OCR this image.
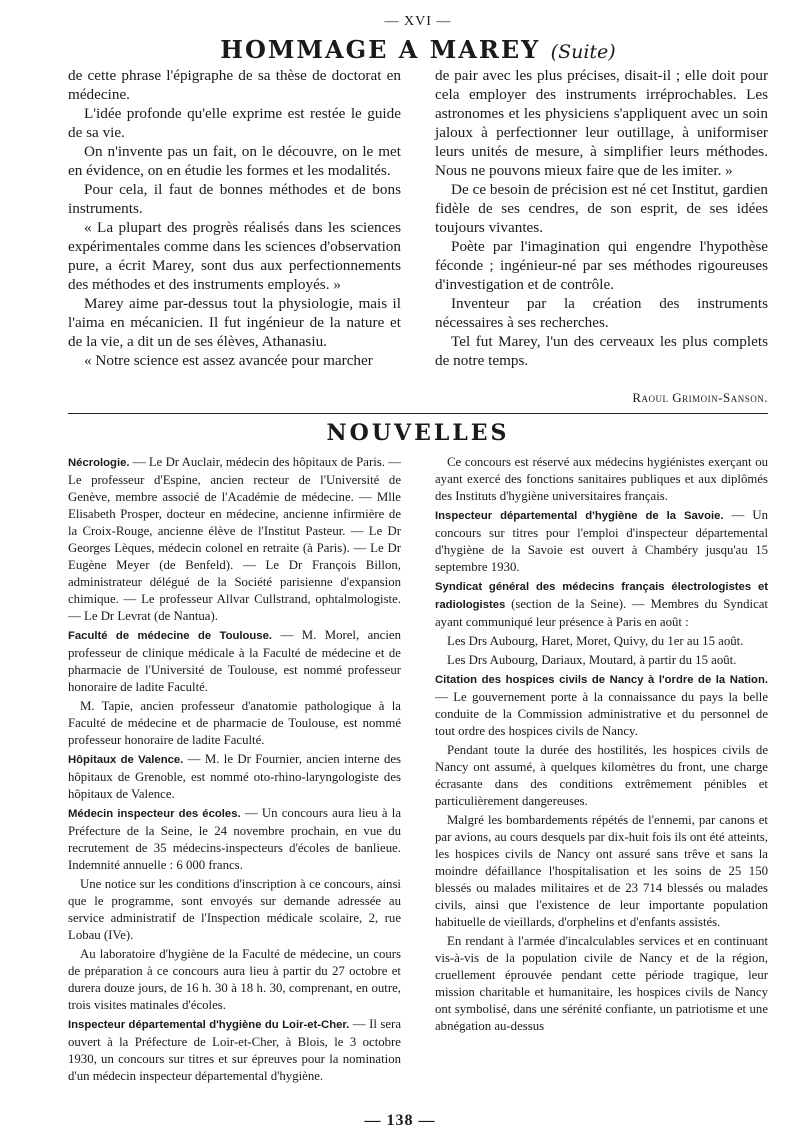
— XVI —
HOMMAGE A MAREY (Suite)

de cette phrase l'épigraphe de sa thèse de doctorat en médecine.

L'idée profonde qu'elle exprime est restée le guide de sa vie.

On n'invente pas un fait, on le découvre, on le met en évidence, on en étudie les formes et les modalités.

Pour cela, il faut de bonnes méthodes et de bons instruments.

« La plupart des progrès réalisés dans les sciences expérimentales comme dans les sciences d'observation pure, a écrit Marey, sont dus aux perfectionnements des méthodes et des instruments employés. »

Marey aime par-dessus tout la physiologie, mais il l'aima en mécanicien. Il fut ingénieur de la nature et de la vie, a dit un de ses élèves, Athanasiu.

« Notre science est assez avancée pour marcher

de pair avec les plus précises, disait-il ; elle doit pour cela employer des instruments irréprochables. Les astronomes et les physiciens s'appliquent avec un soin jaloux à perfectionner leur outillage, à uniformiser leurs unités de mesure, à simplifier leurs méthodes. Nous ne pouvons mieux faire que de les imiter. »

De ce besoin de précision est né cet Institut, gardien fidèle de ses cendres, de son esprit, de ses idées toujours vivantes.

Poète par l'imagination qui engendre l'hypothèse féconde ; ingénieur-né par ses méthodes rigoureuses d'investigation et de contrôle.

Inventeur par la création des instruments nécessaires à ses recherches.

Tel fut Marey, l'un des cerveaux les plus complets de notre temps.

Raoul Grimoin-Sanson.
NOUVELLES

Nécrologie. — Le Dr Auclair, médecin des hôpitaux de Paris. — Le professeur d'Espine, ancien recteur de l'Université de Genève, membre associé de l'Académie de médecine. — Mlle Elisabeth Prosper, docteur en médecine, ancienne infirmière de la Croix-Rouge, ancienne élève de l'Institut Pasteur. — Le Dr Georges Lèques, médecin colonel en retraite (à Paris). — Le Dr Eugène Meyer (de Benfeld). — Le Dr François Billon, administrateur délégué de la Société parisienne d'expansion chimique. — Le professeur Allvar Cullstrand, ophtalmologiste. — Le Dr Levrat (de Nantua).

Faculté de médecine de Toulouse. — M. Morel, ancien professeur de clinique médicale à la Faculté de médecine et de pharmacie de l'Université de Toulouse, est nommé professeur honoraire de ladite Faculté.

M. Tapie, ancien professeur d'anatomie pathologique à la Faculté de médecine et de pharmacie de Toulouse, est nommé professeur honoraire de ladite Faculté.

Hôpitaux de Valence. — M. le Dr Fournier, ancien interne des hôpitaux de Grenoble, est nommé oto-rhino-laryngologiste des hôpitaux de Valence.

Médecin inspecteur des écoles. — Un concours aura lieu à la Préfecture de la Seine, le 24 novembre prochain, en vue du recrutement de 35 médecins-inspecteurs d'écoles de banlieue. Indemnité annuelle : 6 000 francs.

Une notice sur les conditions d'inscription à ce concours, ainsi que le programme, sont envoyés sur demande adressée au service administratif de l'Inspection médicale scolaire, 2, rue Lobau (IVe).

Au laboratoire d'hygiène de la Faculté de médecine, un cours de préparation à ce concours aura lieu à partir du 27 octobre et durera douze jours, de 16 h. 30 à 18 h. 30, comprenant, en outre, trois visites matinales d'écoles.

Inspecteur départemental d'hygiène du Loir-et-Cher. — Il sera ouvert à la Préfecture de Loir-et-Cher, à Blois, le 3 octobre 1930, un concours sur titres et sur épreuves pour la nomination d'un médecin inspecteur départemental d'hygiène.

Ce concours est réservé aux médecins hygiénistes exerçant ou ayant exercé des fonctions sanitaires publiques et aux diplômés des Instituts d'hygiène universitaires français.

Inspecteur départemental d'hygiène de la Savoie. — Un concours sur titres pour l'emploi d'inspecteur départemental d'hygiène de la Savoie est ouvert à Chambéry jusqu'au 15 septembre 1930.

Syndicat général des médecins français électrologistes et radiologistes (section de la Seine). — Membres du Syndicat ayant communiqué leur présence à Paris en août :

Les Drs Aubourg, Haret, Moret, Quivy, du 1er au 15 août.

Les Drs Aubourg, Dariaux, Moutard, à partir du 15 août.

Citation des hospices civils de Nancy à l'ordre de la Nation. — Le gouvernement porte à la connaissance du pays la belle conduite de la Commission administrative et du personnel de tout ordre des hospices civils de Nancy.

Pendant toute la durée des hostilités, les hospices civils de Nancy ont assumé, à quelques kilomètres du front, une charge écrasante dans des conditions extrêmement pénibles et particulièrement dangereuses.

Malgré les bombardements répétés de l'ennemi, par canons et par avions, au cours desquels par dix-huit fois ils ont été atteints, les hospices civils de Nancy ont assuré sans trêve et sans la moindre défaillance l'hospitalisation et les soins de 25 150 blessés ou malades militaires et de 23 714 blessés ou malades civils, ainsi que l'existence de leur importante population habituelle de vieillards, d'orphelins et d'enfants assistés.

En rendant à l'armée d'incalculables services et en continuant vis-à-vis de la population civile de Nancy et de la région, cruellement éprouvée pendant cette période tragique, leur mission charitable et humanitaire, les hospices civils de Nancy ont symbolisé, dans une sérénité confiante, un patriotisme et une abnégation au-dessus

— 138 —
